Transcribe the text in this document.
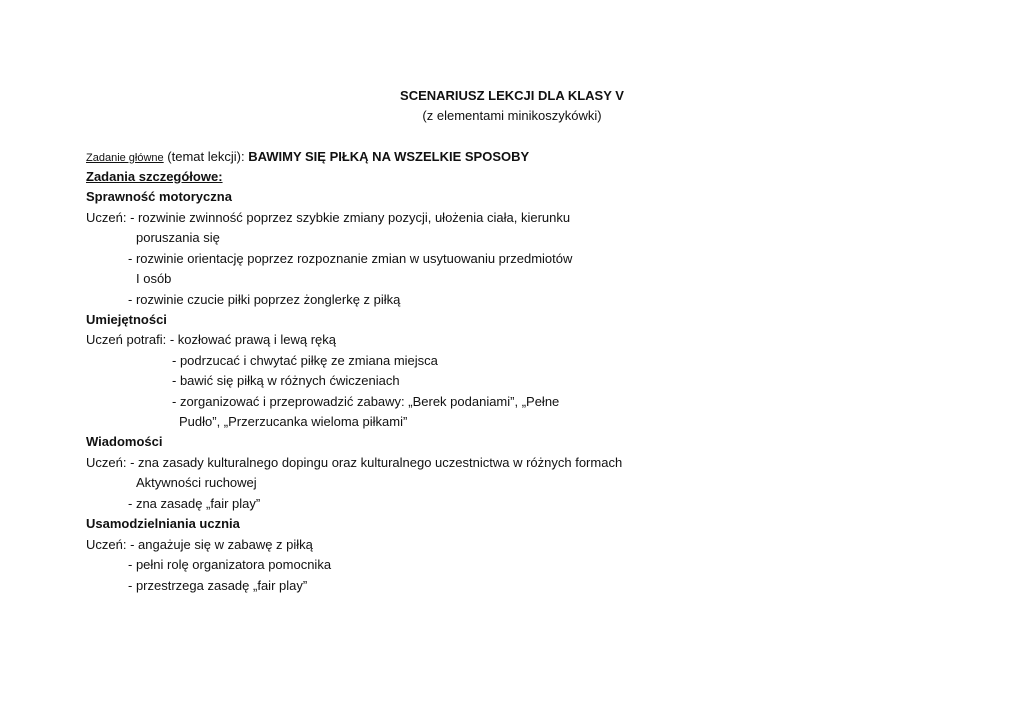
SCENARIUSZ LEKCJI DLA KLASY V
(z elementami minikoszykówki)
Zadanie główne (temat lekcji): BAWIMY SIĘ PIŁKĄ NA WSZELKIE SPOSOBY
Zadania szczegółowe:
Sprawność motoryczna
Uczeń: - rozwinie zwinność poprzez szybkie zmiany pozycji, ułożenia ciała, kierunku
poruszania się
- rozwinie orientację poprzez rozpoznanie zmian w usytuowaniu przedmiotów
I osób
- rozwinie czucie piłki poprzez żonglerkę z piłką
Umiejętności
Uczeń potrafi: - kozłować prawą i lewą ręką
- podrzucać i chwytać piłkę ze zmiana miejsca
- bawić się piłką w różnych ćwiczeniach
- zorganizować i przeprowadzić zabawy: „Berek podaniami”, „Pełne
Pudło”, „Przerzucanka wieloma piłkami”
Wiadomości
Uczeń: - zna zasady kulturalnego dopingu oraz kulturalnego uczestnictwa w różnych formach
Aktywności ruchowej
- zna zasadę „fair play”
Usamodzielniania ucznia
Uczeń: - angażuje się w zabawę z piłką
- pełni rolę organizatora pomocnika
- przestrzega zasadę „fair play”
